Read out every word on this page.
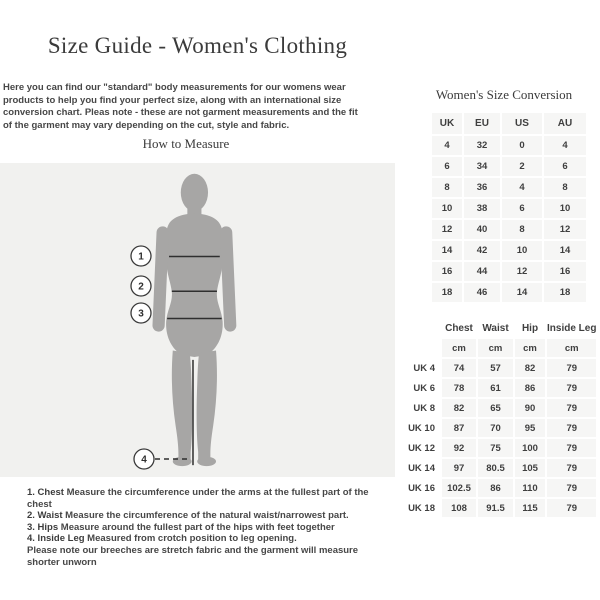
Size Guide - Women's Clothing
Here you can find our "standard" body measurements for our womens wear products to help you find your perfect size, along with an international size conversion chart. Pleas note - these are not garment measurements and the fit of the garment may vary depending on the cut, style and fabric.
How to Measure
1
2
3
4
1. Chest Measure the circumference under the arms at the fullest part of the chest
2. Waist Measure the circumference of the natural waist/narrowest part.
3. Hips Measure around the fullest part of the hips with feet together
4. Inside Leg Measured from crotch position to leg opening.
Please note our breeches are stretch fabric and the garment will measure shorter unworn
Women's Size Conversion
UK	EU	US	AU
4	32	0	4
6	34	2	6
8	36	4	8
10	38	6	10
12	40	8	12
14	42	10	14
16	44	12	16
18	46	14	18
	Chest	Waist	Hip	Inside Leg
	cm	cm	cm	cm
UK 4	74	57	82	79
UK 6	78	61	86	79
UK 8	82	65	90	79
UK 10	87	70	95	79
UK 12	92	75	100	79
UK 14	97	80.5	105	79
UK 16	102.5	86	110	79
UK 18	108	91.5	115	79
